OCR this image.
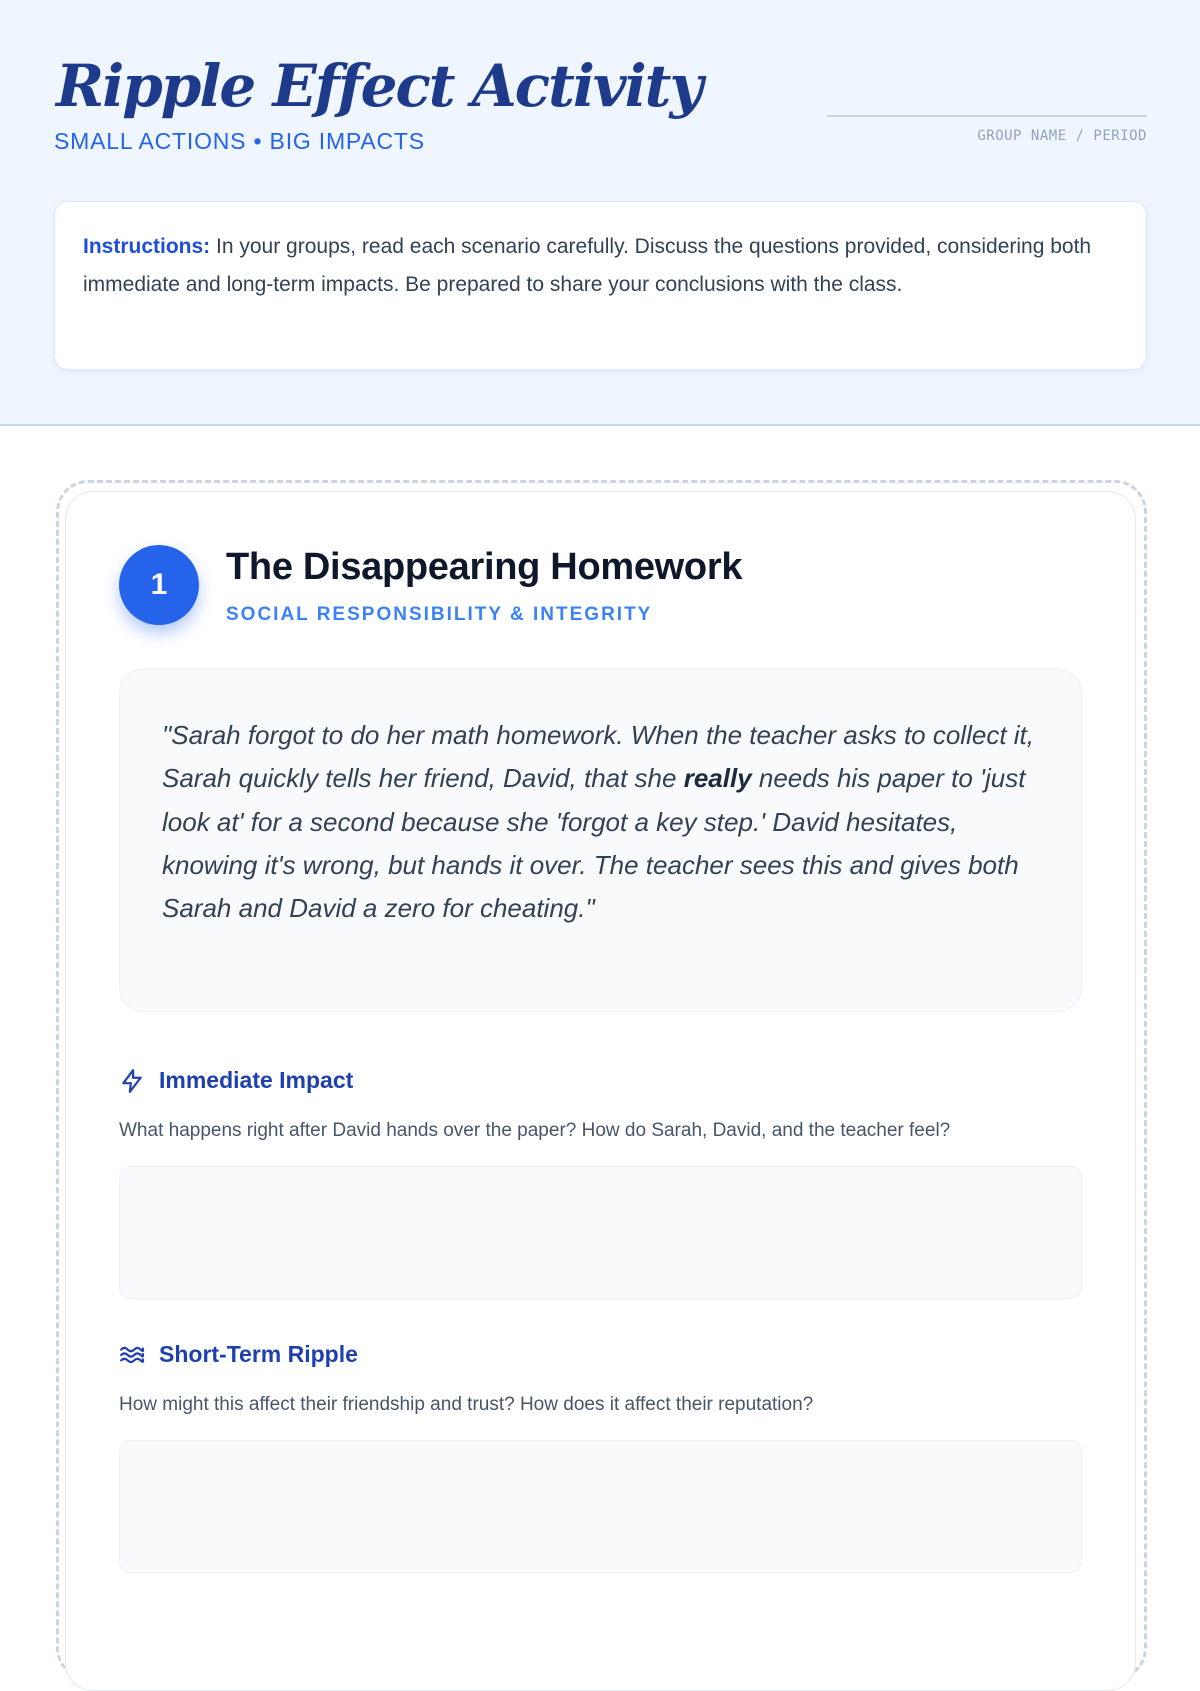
Ripple Effect Activity
SMALL ACTIONS • BIG IMPACTS	GROUP NAME / PERIOD

Instructions: In your groups, read each scenario carefully. Discuss the questions provided, considering both immediate and long-term impacts. Be prepared to share your conclusions with the class.

1	The Disappearing Homework
SOCIAL RESPONSIBILITY & INTEGRITY

"Sarah forgot to do her math homework. When the teacher asks to collect it, Sarah quickly tells her friend, David, that she really needs his paper to 'just look at' for a second because she 'forgot a key step.' David hesitates, knowing it's wrong, but hands it over. The teacher sees this and gives both Sarah and David a zero for cheating."

Immediate Impact
What happens right after David hands over the paper? How do Sarah, David, and the teacher feel?
Short-Term Ripple
How might this affect their friendship and trust? How does it affect their reputation?
